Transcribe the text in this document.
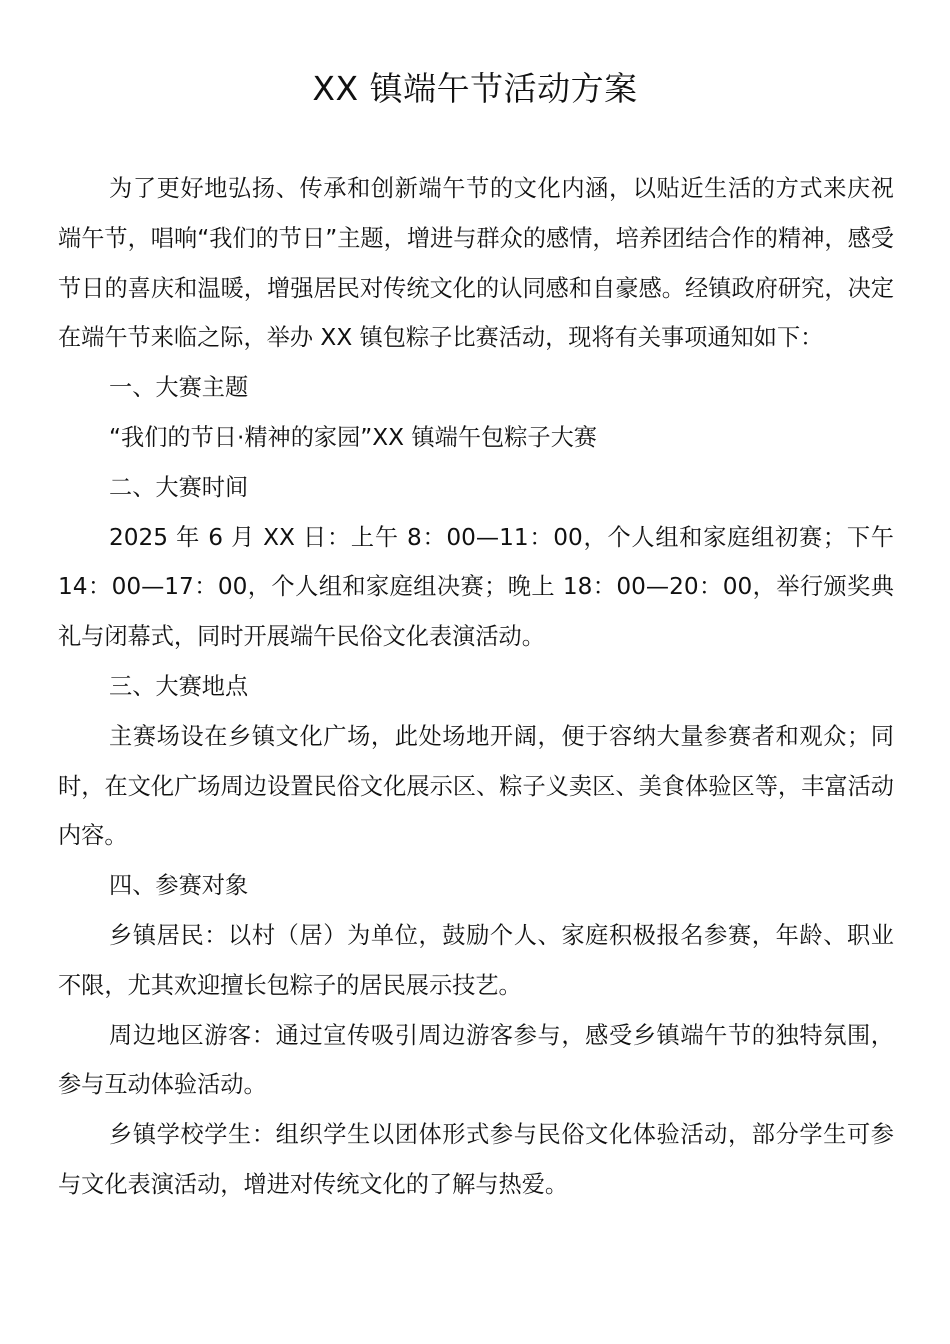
XX 镇端午节活动方案

为了更好地弘扬、传承和创新端午节的文化内涵，以贴近生活的方式来庆祝端午节，唱响“我们的节日”主题，增进与群众的感情，培养团结合作的精神，感受节日的喜庆和温暖，增强居民对传统文化的认同感和自豪感。经镇政府研究，决定在端午节来临之际，举办 XX 镇包粽子比赛活动，现将有关事项通知如下：

一、大赛主题

“我们的节日·精神的家园”XX 镇端午包粽子大赛

二、大赛时间

2025 年 6 月 XX 日：上午 8：00—11：00，个人组和家庭组初赛；下午 14：00—17：00，个人组和家庭组决赛；晚上 18：00—20：00，举行颁奖典礼与闭幕式，同时开展端午民俗文化表演活动。

三、大赛地点

主赛场设在乡镇文化广场，此处场地开阔，便于容纳大量参赛者和观众；同时，在文化广场周边设置民俗文化展示区、粽子义卖区、美食体验区等，丰富活动内容。

四、参赛对象

乡镇居民：以村（居）为单位，鼓励个人、家庭积极报名参赛，年龄、职业不限，尤其欢迎擅长包粽子的居民展示技艺。

周边地区游客：通过宣传吸引周边游客参与，感受乡镇端午节的独特氛围，参与互动体验活动。

乡镇学校学生：组织学生以团体形式参与民俗文化体验活动，部分学生可参与文化表演活动，增进对传统文化的了解与热爱。
